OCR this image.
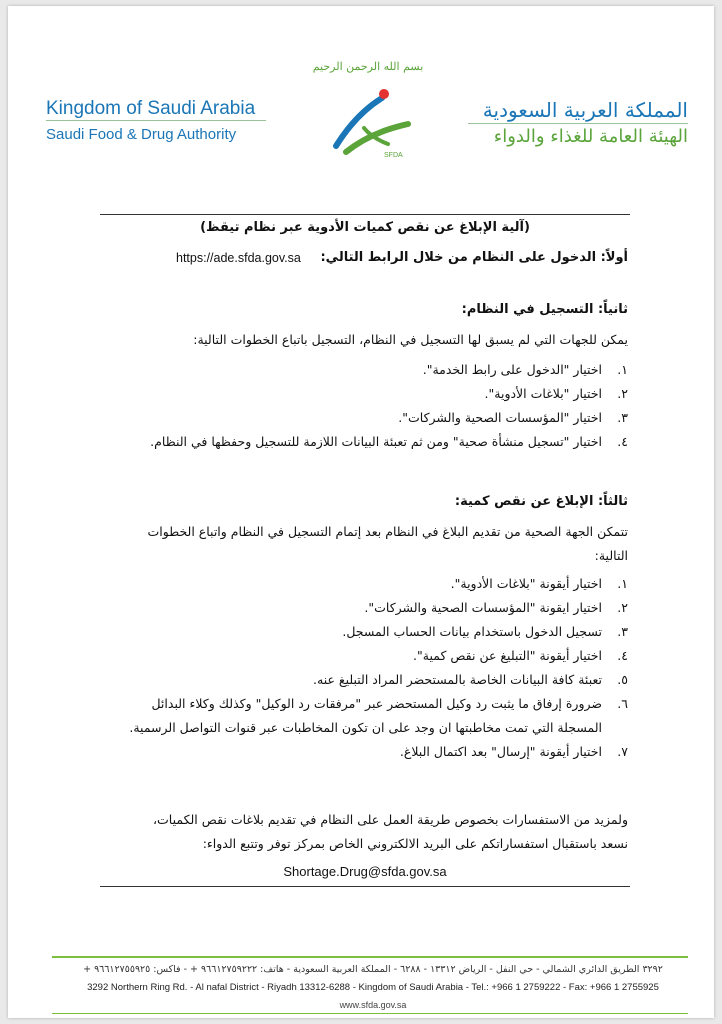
بسم الله الرحمن الرحيم
Kingdom of Saudi Arabia
Saudi Food & Drug Authority
SFDA
المملكة العربية السعودية
الهيئة العامة للغذاء والدواء
(آلية الإبلاغ عن نقص كميات الأدوية عبر نظام تيقظ)
أولاً: الدخول على النظام من خلال الرابط التالي:
https://ade.sfda.gov.sa
ثانياً: التسجيل في النظام:
يمكن للجهات التي لم يسبق لها التسجيل في النظام، التسجيل باتباع الخطوات التالية:
١.اختيار "الدخول على رابط الخدمة".
٢.اختيار "بلاغات الأدوية".
٣.اختيار "المؤسسات الصحية والشركات".
٤.اختيار "تسجيل منشأة صحية" ومن ثم تعبئة البيانات اللازمة للتسجيل وحفظها في النظام.
ثالثاً: الإبلاغ عن نقص كمية:
تتمكن الجهة الصحية من تقديم البلاغ في النظام بعد إتمام التسجيل في النظام واتباع الخطوات
التالية:
١.اختيار أيقونة "بلاغات الأدوية".
٢.اختيار ايقونة "المؤسسات الصحية والشركات".
٣.تسجيل الدخول باستخدام بيانات الحساب المسجل.
٤.اختيار أيقونة "التبليغ عن نقص كمية".
٥.تعبئة كافة البيانات الخاصة بالمستحضر المراد التبليغ عنه.
٦.ضرورة إرفاق ما يثبت رد وكيل المستحضر عبر "مرفقات رد الوكيل" وكذلك وكلاء البدائل
المسجلة التي تمت مخاطبتها ان وجد على ان تكون المخاطبات عبر قنوات التواصل الرسمية.
٧.اختيار أيقونة "إرسال" بعد اكتمال البلاغ.
ولمزيد من الاستفسارات بخصوص طريقة العمل على النظام في تقديم بلاغات نقص الكميات،
نسعد باستقبال استفساراتكم على البريد الالكتروني الخاص بمركز توفر وتتبع الدواء:
Shortage.Drug@sfda.gov.sa
٣٢٩٢ الطريق الدائري الشمالي - حي النفل - الرياض ١٣٣١٢ - ٦٢٨٨ - المملكة العربية السعودية - هاتف: ٩٦٦١٢٧٥٩٢٢٢ + - فاكس: ٩٦٦١٢٧٥٥٩٢٥ +
3292 Northern Ring Rd. - Al nafal District - Riyadh 13312-6288 - Kingdom of Saudi Arabia - Tel.: +966 1 2759222 - Fax: +966 1 2755925
www.sfda.gov.sa
